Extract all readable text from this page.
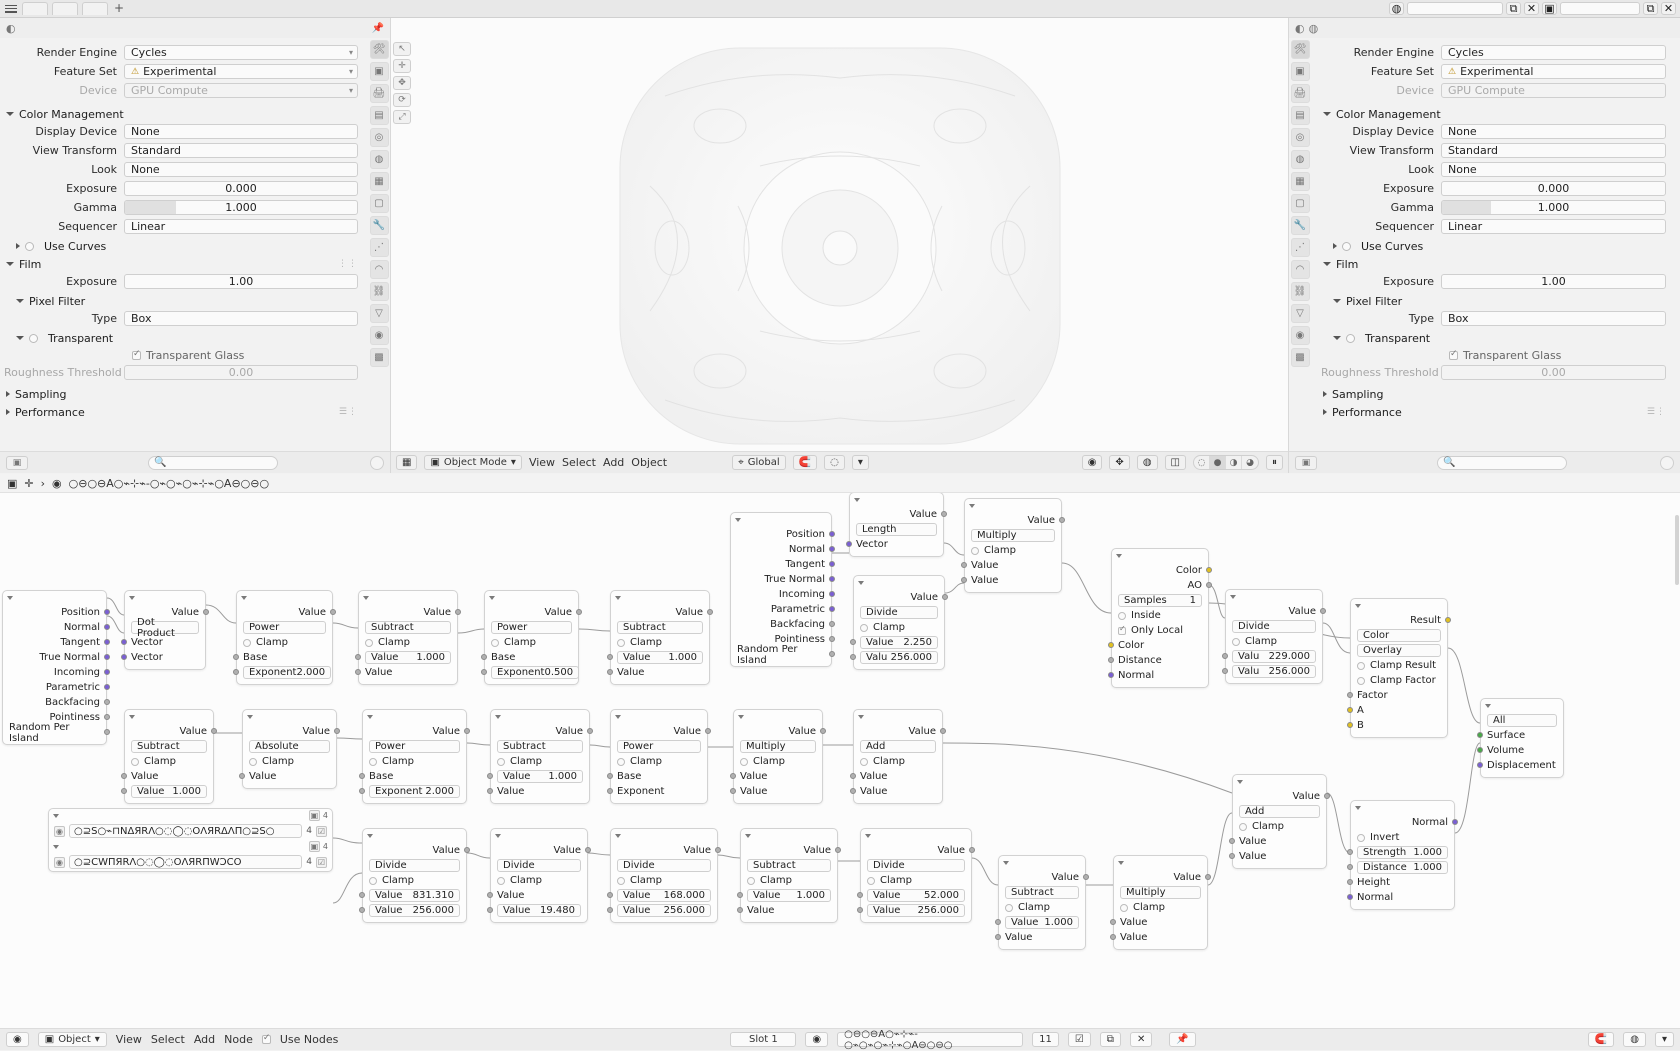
+	◍	⧉ ✕ ▣	⧉ ✕
◐	📌
🛠
▣
🖨
▤
◎
◍
▦
▢
🔧
⋰
◠
⛓
▽
◉
▩
Render Engine	Cycles	▾
Feature Set	⚠ Experimental	▾
Device	GPU Compute	▾
Color Management
Display Device	None
View Transform	Standard
Look	None
Exposure	0.000
Gamma	1.000
Sequencer	Linear
Use Curves
Film	⋮⋮
Exposure	1.00
Pixel Filter
Type	Box
Transparent
✓
Transparent Glass
Roughness Threshold	0.00
Sampling
Performance	☰⋮
▣	🔍
↖
✛
✥
⟳
⤢
▦	▣ Object Mode ▾ View Select Add Object	⌖ Global	🧲	◌	▾	◉	✥	◍	◫	◌ ● ◑ ◕	⏸
◐ ◍
🛠
▣
🖨
▤
◎
◍
▦
▢
🔧
⋰
◠
⛓
▽
◉
▩
Render Engine	Cycles
Feature Set	⚠ Experimental
Device	GPU Compute
Color Management
Display Device	None
View Transform	Standard
Look	None
Exposure	0.000
Gamma	1.000
Sequencer	Linear
Use Curves
Film
Exposure	1.00
Pixel Filter
Type	Box
Transparent
✓
Transparent Glass
Roughness Threshold	0.00
Sampling
Performance	☰⋮
▣	🔍
▣ ✛ › ◉ ○⊖○⊖A○⌁⊹⌁-○⌁○⌁○⌁⊹⌁○A⊖○⊖○
Position
Normal
Tangent
True Normal
Incoming
Parametric
Backfacing
Pointiness
Random Per Island
Value
Dot Product
Vector
Vector
Value
Power
Clamp
Base
Exponent 2.000
Value
Subtract
Clamp
Value 1.000
Value
Value
Power
Clamp
Base
Exponent 0.500
Value
Subtract
Clamp
Value 1.000
Value
Position
Normal
Tangent
True Normal
Incoming
Parametric
Backfacing
Pointiness
Random Per Island
Value
Length
Vector
Value
Multiply
Clamp
Value
Value
Value
Divide
Clamp
Value 2.250
Valu 256.000
Color
AO
Samples 1
Inside
✓
Only Local
Color
Distance
Normal
Value
Divide
Clamp
Valu 229.000
Valu 256.000
Result
Color
Overlay
Clamp Result
Clamp Factor
Factor
A
B	All
Surface
Volume
Displacement
Value
Subtract
Clamp
Value
Value 1.000
Value
Absolute
Clamp
Value
Value
Power
Clamp
Base
Exponent 2.000
Value
Subtract
Clamp
Value 1.000
Value
Value
Power
Clamp
Base
Exponent
Value
Multiply
Clamp
Value
Value
Value
Add
Clamp
Value
Value	Value
Add
Clamp
Value
Value
Normal
Invert
Strength 1.000
Distance 1.000
Height
Normal
Value
Divide
Clamp
Value 831.310
Value 256.000
Value
Divide
Clamp
Value
Value 19.480
Value
Divide
Clamp
Value 168.000
Value 256.000
Value
Subtract
Clamp
Value 1.000
Value
Value
Divide
Clamp
Value 52.000
Value 256.000
Value
Subtract
Clamp
Value 1.000
Value
Value
Multiply
Clamp
Value
Value
▣ 4
◉ ○⊇S○⌁⊓NΔЯRΛ○◌◯◌OΛЯRΔΛΠ○⊇S○	4 ☑
▣ 4
◉ ○⊇CWΠЯRΛ○◌◯◌OΛЯRΠWƆCO	4 ☑
◉	▣ Object ▾ View Select Add Node ✓ Use Nodes	Slot 1	◉	○⊖○⊖A○⌁⊹⌁-○⌁○⌁○⌁⊹⌁○A⊖○⊖○	11	☑	⧉	✕	📌	🧲	◍	▾
